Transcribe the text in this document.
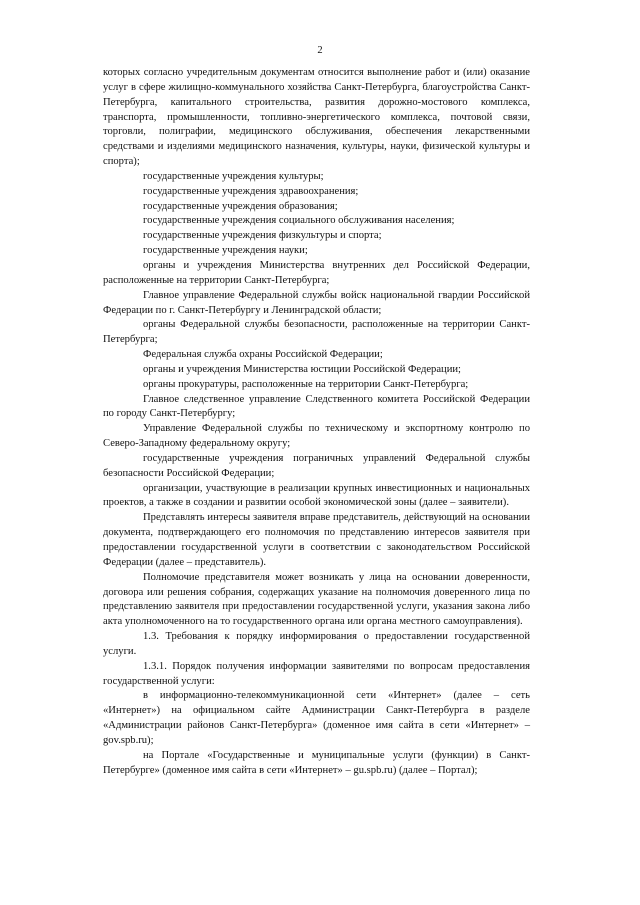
2

которых согласно учредительным документам относится выполнение работ и (или) оказание услуг в сфере жилищно-коммунального хозяйства Санкт-Петербурга, благоустройства Санкт-Петербурга, капитального строительства, развития дорожно-мостового комплекса, транспорта, промышленности, топливно-энергетического комплекса, почтовой связи, торговли, полиграфии, медицинского обслуживания, обеспечения лекарственными средствами и изделиями медицинского назначения, культуры, науки, физической культуры и спорта);

государственные учреждения культуры;

государственные учреждения здравоохранения;

государственные учреждения образования;

государственные учреждения социального обслуживания населения;

государственные учреждения физкультуры и спорта;

государственные учреждения науки;

органы и учреждения Министерства внутренних дел Российской Федерации, расположенные на территории Санкт-Петербурга;

Главное управление Федеральной службы войск национальной гвардии Российской Федерации по г. Санкт-Петербургу и Ленинградской области;

органы Федеральной службы безопасности, расположенные на территории Санкт-Петербурга;

Федеральная служба охраны Российской Федерации;

органы и учреждения Министерства юстиции Российской Федерации;

органы прокуратуры, расположенные на территории Санкт-Петербурга;

Главное следственное управление Следственного комитета Российской Федерации по городу Санкт-Петербургу;

Управление Федеральной службы по техническому и экспортному контролю по Северо-Западному федеральному округу;

государственные учреждения пограничных управлений Федеральной службы безопасности Российской Федерации;

организации, участвующие в реализации крупных инвестиционных и национальных проектов, а также в создании и развитии особой экономической зоны (далее – заявители).

Представлять интересы заявителя вправе представитель, действующий на основании документа, подтверждающего его полномочия по представлению интересов заявителя при предоставлении государственной услуги в соответствии с законодательством Российской Федерации (далее – представитель).

Полномочие представителя может возникать у лица на основании доверенности, договора или решения собрания, содержащих указание на полномочия доверенного лица по представлению заявителя при предоставлении государственной услуги, указания закона либо акта уполномоченного на то государственного органа или органа местного самоуправления).

1.3. Требования к порядку информирования о предоставлении государственной услуги.

1.3.1. Порядок получения информации заявителями по вопросам предоставления государственной услуги:

в информационно-телекоммуникационной сети «Интернет» (далее – сеть «Интернет») на официальном сайте Администрации Санкт-Петербурга в разделе «Администрации районов Санкт-Петербурга» (доменное имя сайта в сети «Интернет» – gov.spb.ru);

на Портале «Государственные и муниципальные услуги (функции) в Санкт-Петербурге» (доменное имя сайта в сети «Интернет» – gu.spb.ru) (далее – Портал);
